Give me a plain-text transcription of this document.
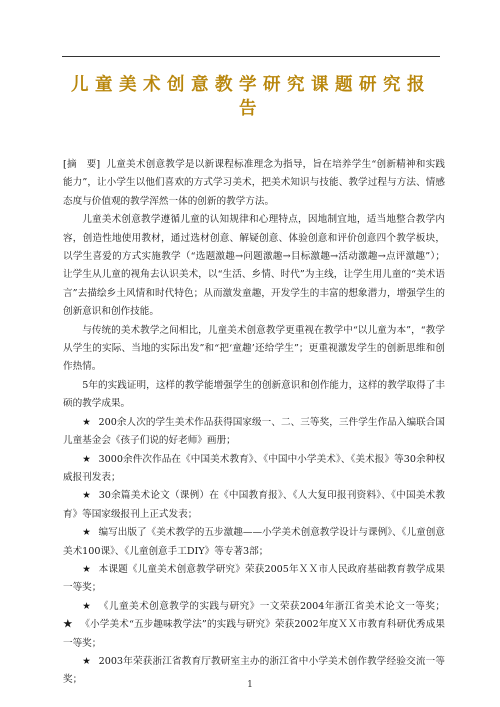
儿童美术创意教学研究课题研究报告

[摘　要] 儿童美术创意教学是以新课程标准理念为指导，旨在培养学生“创新精神和实践能力”，让小学生以他们喜欢的方式学习美术，把美术知识与技能、教学过程与方法、情感态度与价值观的教学浑然一体的创新的教学方法。

儿童美术创意教学遵循儿童的认知规律和心理特点，因地制宜地，适当地整合教学内容，创造性地使用教材，通过选材创意、解疑创意、体验创意和评价创意四个教学板块，以学生喜爱的方式实施教学（“选题激趣→问题激趣→目标激趣→活动激趣→点评激趣”）；让学生从儿童的视角去认识美术，以“生活、乡情、时代”为主线，让学生用儿童的“美术语言”去描绘乡土风情和时代特色；从而激发童趣，开发学生的丰富的想象潜力，增强学生的创新意识和创作技能。

与传统的美术教学之间相比，儿童美术创意教学更重视在教学中“以儿童为本”，“教学从学生的实际、当地的实际出发”和“把‘童趣’还给学生”；更重视激发学生的创新思维和创作热情。

5年的实践证明，这样的教学能增强学生的创新意识和创作能力，这样的教学取得了丰硕的教学成果。

★ 200余人次的学生美术作品获得国家级一、二、三等奖，三件学生作品入编联合国儿童基金会《孩子们说的好老师》画册；

★ 3000余件次作品在《中国美术教育》、《中国中小学美术》、《美术报》等30余种权威报刊发表；

★ 30余篇美术论文（课例）在《中国教育报》、《人大复印报刊资料》、《中国美术教育》等国家级报刊上正式发表；

★ 编写出版了《美术教学的五步激趣——小学美术创意教学设计与课例》、《儿童创意美术100课》、《儿童创意手工DIY》等专著3部；

★ 本课题《儿童美术创意教学研究》荣获2005年ＸＸ市人民政府基础教育教学成果一等奖；

★ 《儿童美术创意教学的实践与研究》一文荣获2004年浙江省美术论文一等奖；★ 《小学美术“五步趣味教学法”的实践与研究》荣获2002年度ＸＸ市教育科研优秀成果一等奖；

★ 2003年荣获浙江省教育厅教研室主办的浙江省中小学美术创作教学经验交流一等奖；	1
